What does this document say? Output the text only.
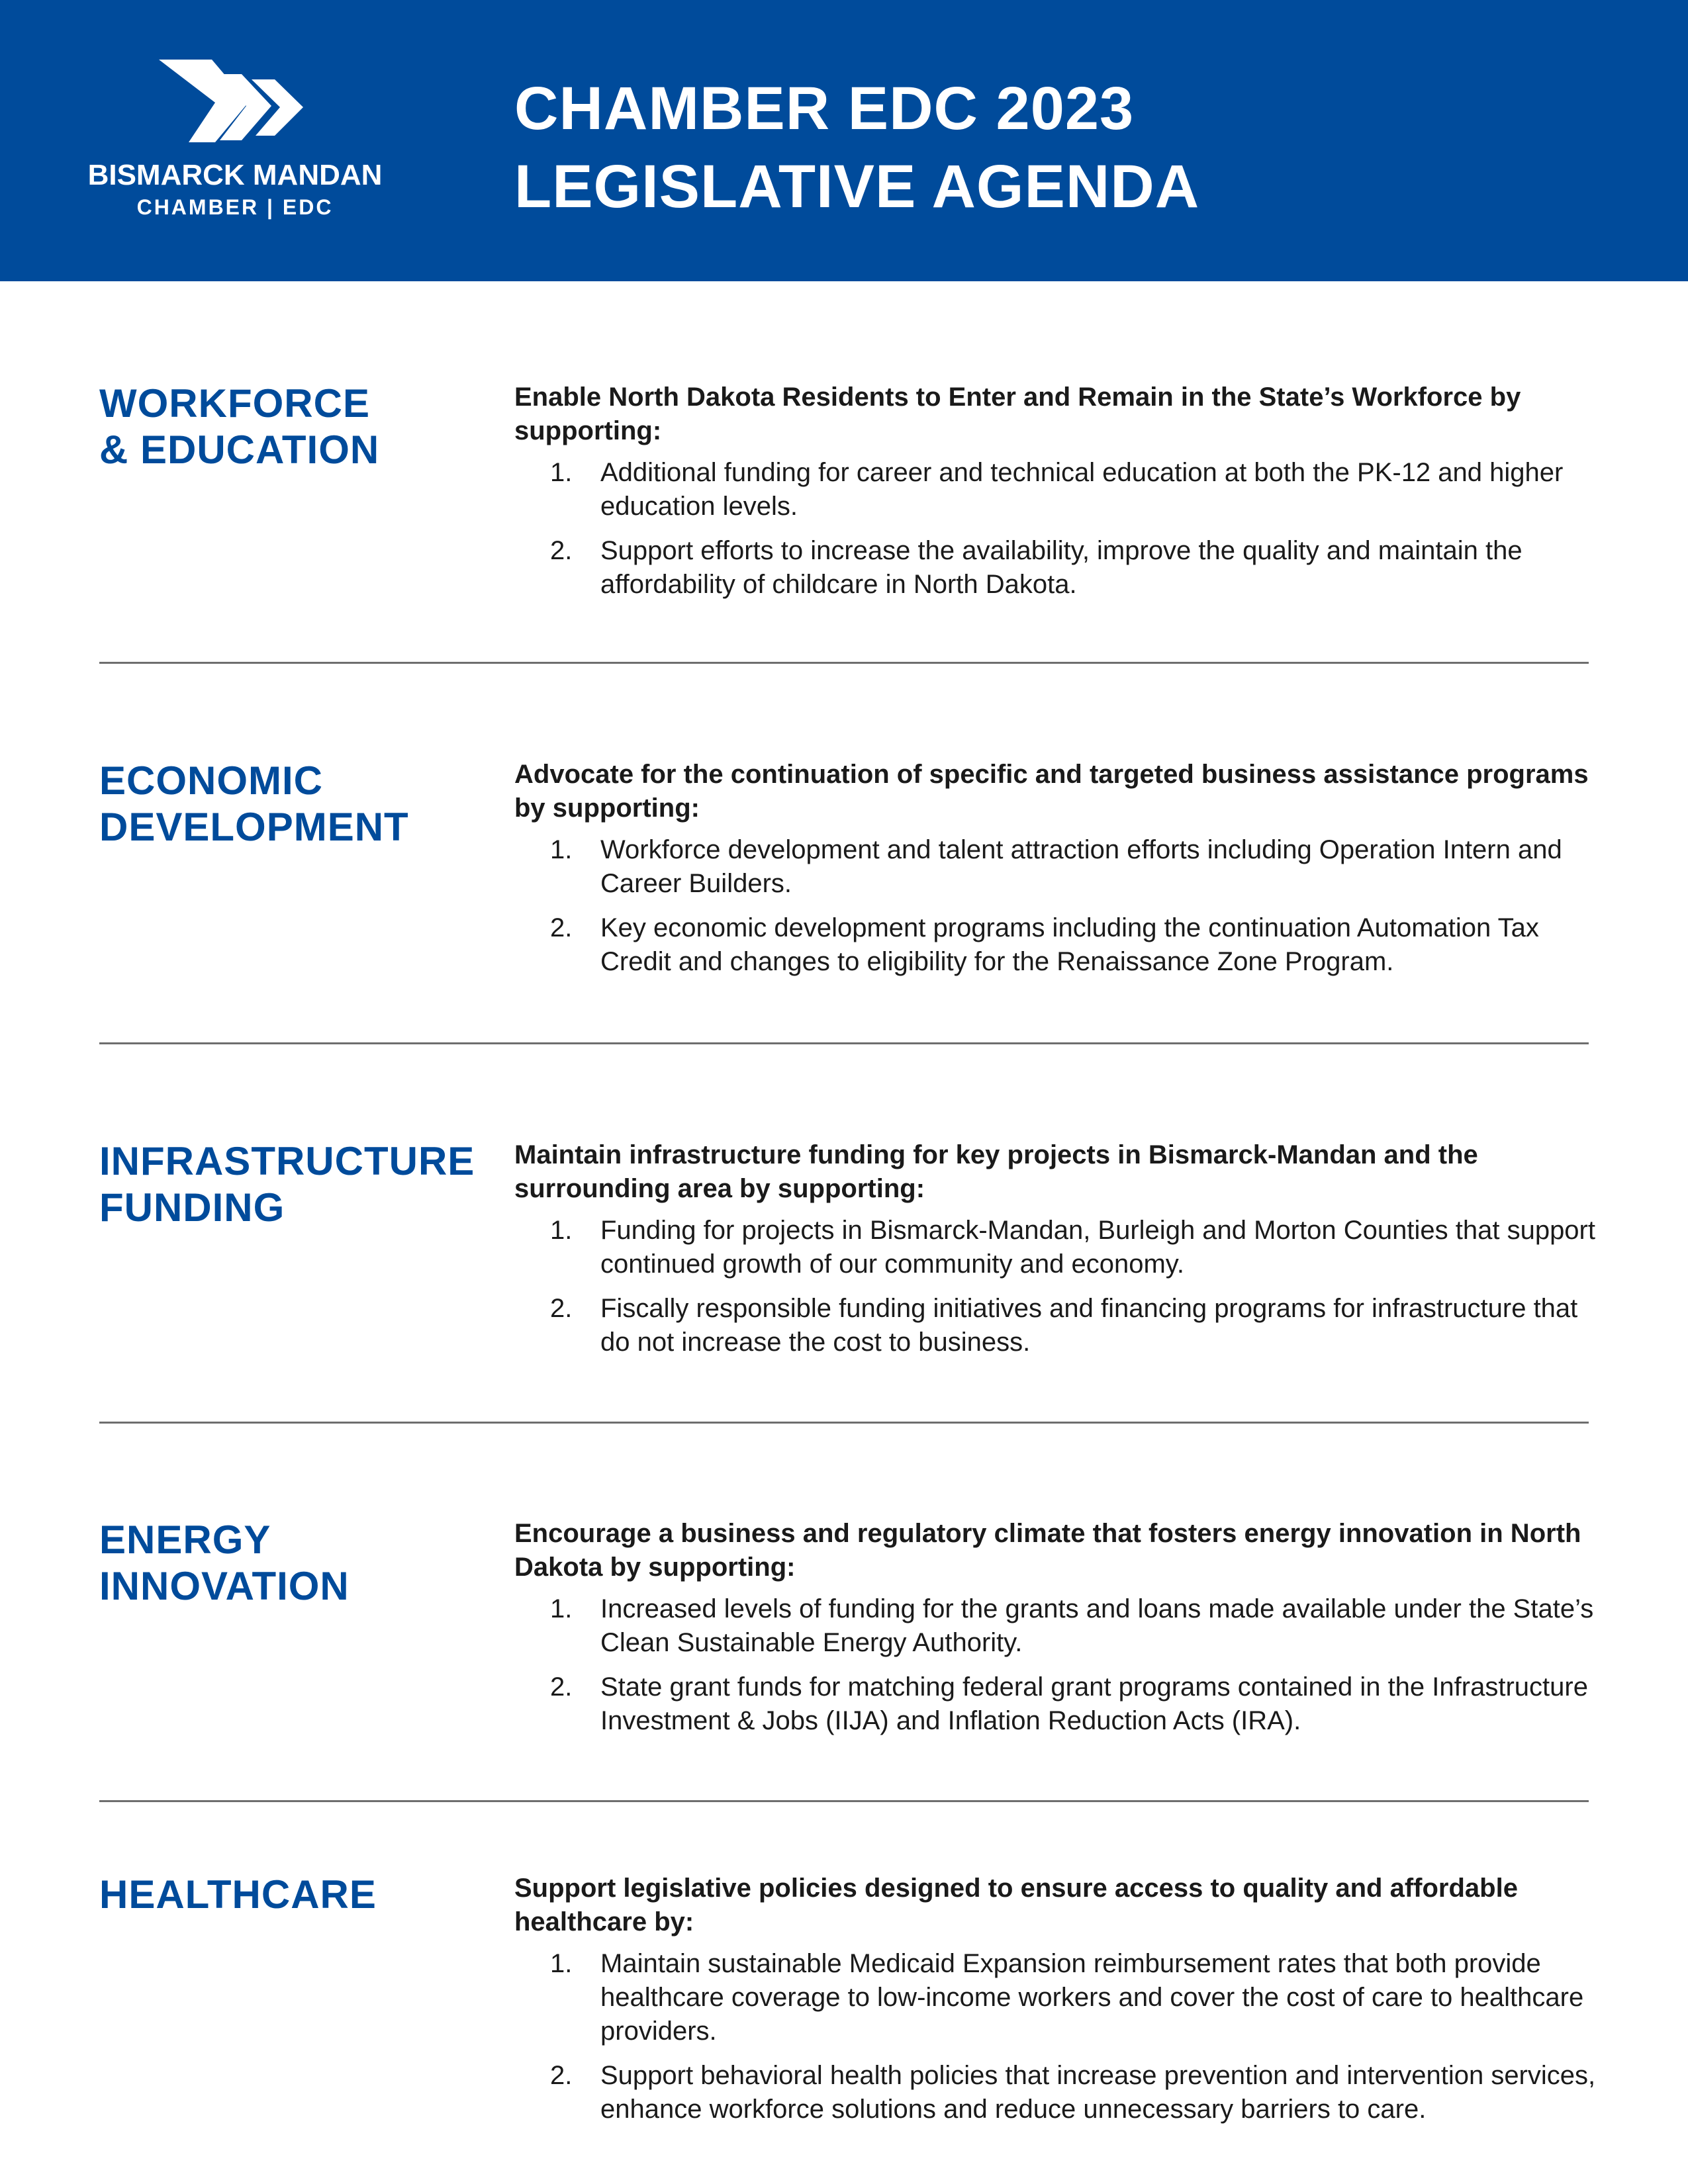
BISMARCK MANDAN
CHAMBER | EDC
CHAMBER EDC 2023
LEGISLATIVE AGENDA
WORKFORCE
& EDUCATION

Enable North Dakota Residents to Enter and Remain in the State’s Workforce by supporting:

1. Additional funding for career and technical education at both the PK-12 and higher education levels.
2. Support efforts to increase the availability, improve the quality and maintain the affordability of childcare in North Dakota.
ECONOMIC
DEVELOPMENT

Advocate for the continuation of specific and targeted business assistance programs by supporting:

1. Workforce development and talent attraction efforts including Operation Intern and Career Builders.
2. Key economic development programs including the continuation Automation Tax Credit and changes to eligibility for the Renaissance Zone Program.
INFRASTRUCTURE
FUNDING

Maintain infrastructure funding for key projects in Bismarck-Mandan and the surrounding area by supporting:

1. Funding for projects in Bismarck-Mandan, Burleigh and Morton Counties that support continued growth of our community and economy.
2. Fiscally responsible funding initiatives and financing programs for infrastructure that do not increase the cost to business.
ENERGY
INNOVATION

Encourage a business and regulatory climate that fosters energy innovation in North Dakota by supporting:

1. Increased levels of funding for the grants and loans made available under the State’s Clean Sustainable Energy Authority.
2. State grant funds for matching federal grant programs contained in the Infrastructure Investment & Jobs (IIJA) and Inflation Reduction Acts (IRA).
HEALTHCARE	Support legislative policies designed to ensure access to quality and affordable healthcare by:

1. Maintain sustainable Medicaid Expansion reimbursement rates that both provide healthcare coverage to low-income workers and cover the cost of care to healthcare providers.
2. Support behavioral health policies that increase prevention and intervention services, enhance workforce solutions and reduce unnecessary barriers to care.
